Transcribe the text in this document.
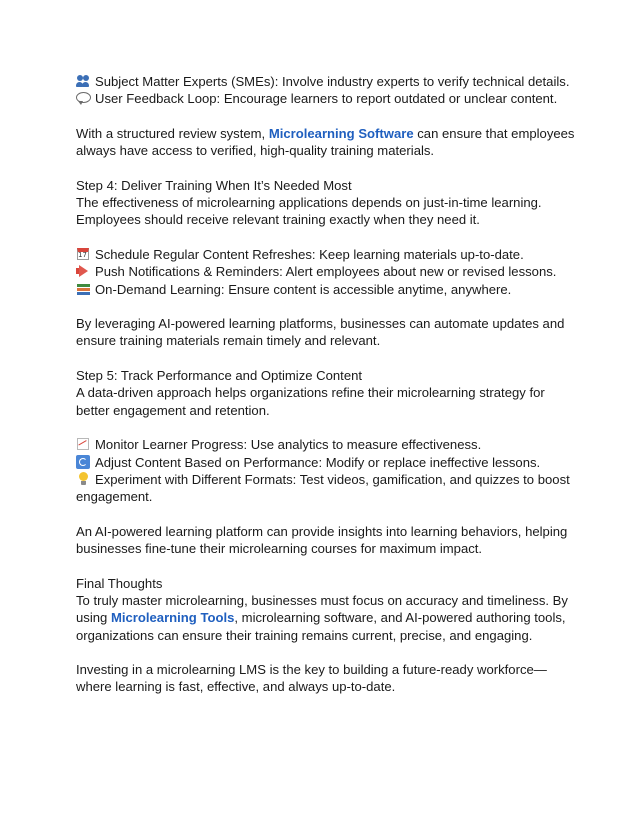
Subject Matter Experts (SMEs): Involve industry experts to verify technical details.

User Feedback Loop: Encourage learners to report outdated or unclear content.

With a structured review system, Microlearning Software can ensure that employees always have access to verified, high-quality training materials.

Step 4: Deliver Training When It’s Needed Most

The effectiveness of microlearning applications depends on just-in-time learning. Employees should receive relevant training exactly when they need it.

17Schedule Regular Content Refreshes: Keep learning materials up-to-date.

Push Notifications & Reminders: Alert employees about new or revised lessons.

On-Demand Learning: Ensure content is accessible anytime, anywhere.

By leveraging AI-powered learning platforms, businesses can automate updates and ensure training materials remain timely and relevant.

Step 5: Track Performance and Optimize Content

A data-driven approach helps organizations refine their microlearning strategy for better engagement and retention.

Monitor Learner Progress: Use analytics to measure effectiveness.

Adjust Content Based on Performance: Modify or replace ineffective lessons.

Experiment with Different Formats: Test videos, gamification, and quizzes to boost engagement.

An AI-powered learning platform can provide insights into learning behaviors, helping businesses fine-tune their microlearning courses for maximum impact.

Final Thoughts

To truly master microlearning, businesses must focus on accuracy and timeliness. By using Microlearning Tools, microlearning software, and AI-powered authoring tools, organizations can ensure their training remains current, precise, and engaging.

Investing in a microlearning LMS is the key to building a future-ready workforce—where learning is fast, effective, and always up-to-date.
